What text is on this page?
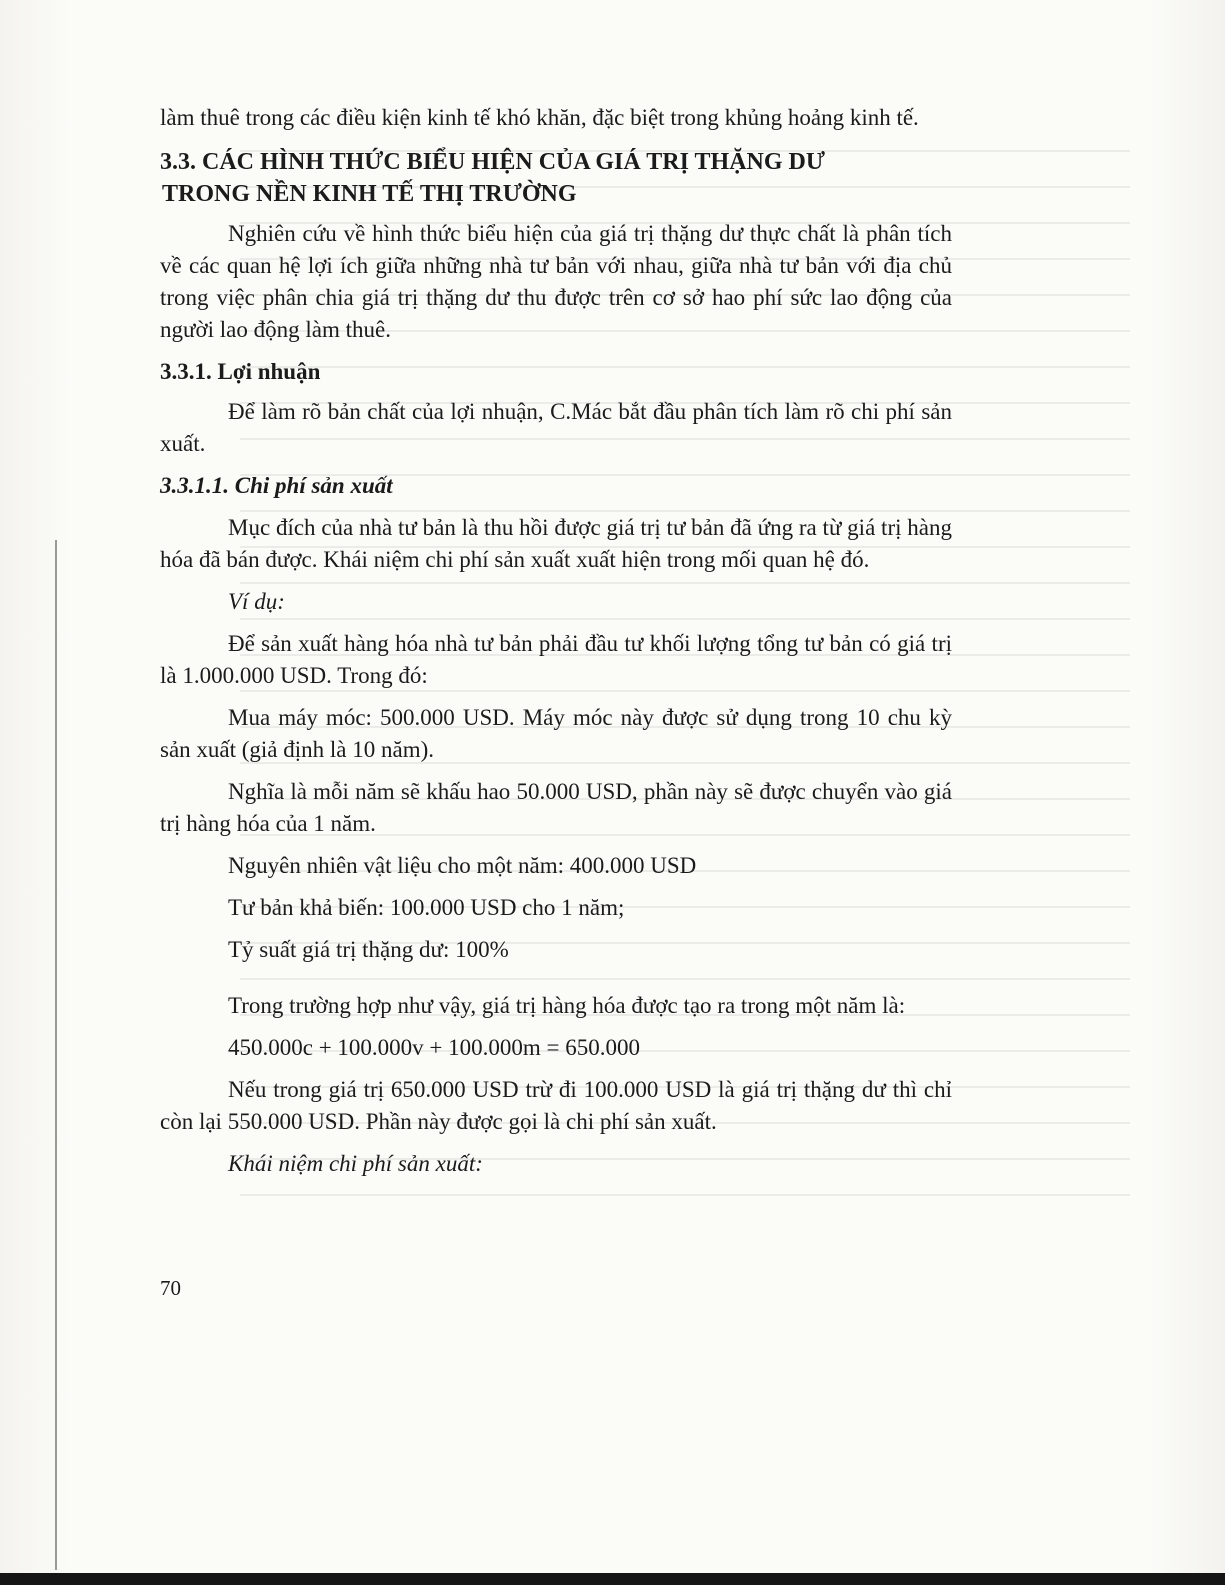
làm thuê trong các điều kiện kinh tế khó khăn, đặc biệt trong khủng hoảng kinh tế.

3.3. CÁC HÌNH THỨC BIỂU HIỆN CỦA GIÁ TRỊ THẶNG DƯ
TRONG NỀN KINH TẾ THỊ TRƯỜNG

Nghiên cứu về hình thức biểu hiện của giá trị thặng dư thực chất là phân tích về các quan hệ lợi ích giữa những nhà tư bản với nhau, giữa nhà tư bản với địa chủ trong việc phân chia giá trị thặng dư thu được trên cơ sở hao phí sức lao động của người lao động làm thuê.

3.3.1. Lợi nhuận

Để làm rõ bản chất của lợi nhuận, C.Mác bắt đầu phân tích làm rõ chi phí sản xuất.

3.3.1.1. Chi phí sản xuất

Mục đích của nhà tư bản là thu hồi được giá trị tư bản đã ứng ra từ giá trị hàng hóa đã bán được. Khái niệm chi phí sản xuất xuất hiện trong mối quan hệ đó.

Ví dụ:

Để sản xuất hàng hóa nhà tư bản phải đầu tư khối lượng tổng tư bản có giá trị là 1.000.000 USD. Trong đó:

Mua máy móc: 500.000 USD. Máy móc này được sử dụng trong 10 chu kỳ sản xuất (giả định là 10 năm).

Nghĩa là mỗi năm sẽ khấu hao 50.000 USD, phần này sẽ được chuyển vào giá trị hàng hóa của 1 năm.

Nguyên nhiên vật liệu cho một năm: 400.000 USD
Tư bản khả biến: 100.000 USD cho 1 năm;
Tỷ suất giá trị thặng dư: 100%

Trong trường hợp như vậy, giá trị hàng hóa được tạo ra trong một năm là:

450.000c + 100.000v + 100.000m = 650.000

Nếu trong giá trị 650.000 USD trừ đi 100.000 USD là giá trị thặng dư thì chỉ còn lại 550.000 USD. Phần này được gọi là chi phí sản xuất.

Khái niệm chi phí sản xuất:
70
